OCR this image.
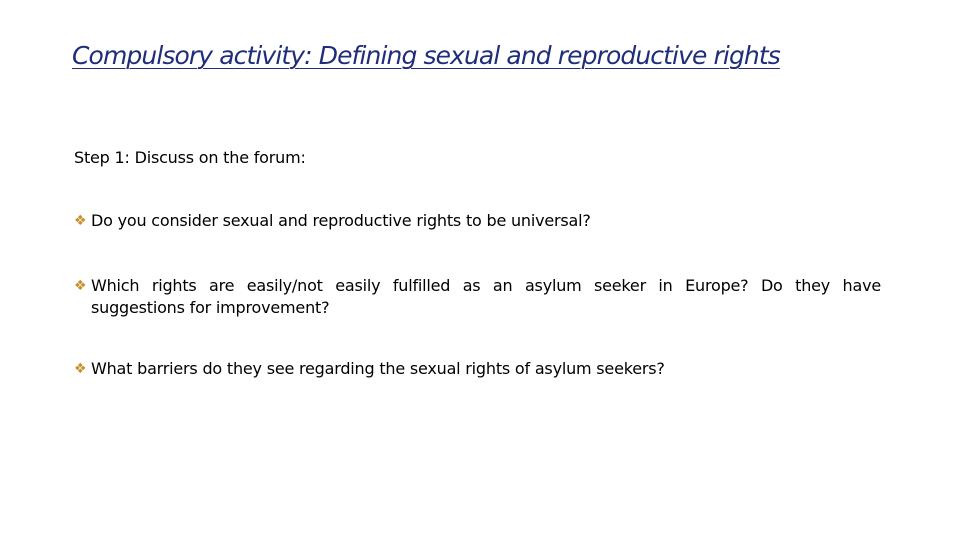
Compulsory activity: Defining sexual and reproductive rights
Step 1: Discuss on the forum:
❖ Do you consider sexual and reproductive rights to be universal?
❖ Which rights are easily/not easily fulfilled as an asylum seeker in Europe? Do they have
suggestions for improvement?
❖ What barriers do they see regarding the sexual rights of asylum seekers?
